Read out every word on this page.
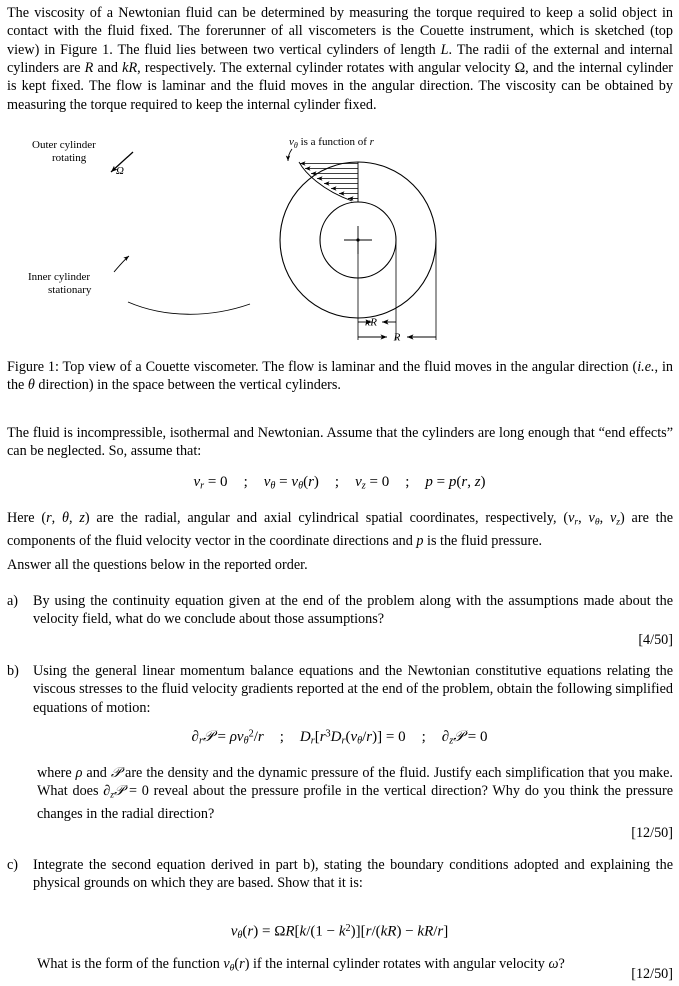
The viscosity of a Newtonian fluid can be determined by measuring the torque required to keep a solid object in contact with the fluid fixed. The forerunner of all viscometers is the Couette instrument, which is sketched (top view) in Figure 1. The fluid lies between two vertical cylinders of length L. The radii of the external and internal cylinders are R and kR, respectively. The external cylinder rotates with angular velocity Ω, and the internal cylinder is kept fixed. The flow is laminar and the fluid moves in the angular direction. The viscosity can be obtained by measuring the torque required to keep the internal cylinder fixed.
Outer cylinder
rotating
Ω
$v_\theta$ is a function of r
Inner cylinder
stationary
κR
R
Figure 1: Top view of a Couette viscometer. The flow is laminar and the fluid moves in the angular direction (i.e., in the θ direction) in the space between the vertical cylinders.
The fluid is incompressible, isothermal and Newtonian. Assume that the cylinders are long enough that “end effects” can be neglected. So, assume that:
$v_r = 0$ ; $v_\theta = v_\theta(r)$ ; $v_z = 0$ ; p = p(r, z)
Here (r, θ, z) are the radial, angular and axial cylindrical spatial coordinates, respectively, ($v_r$, $v_\theta$, $v_z$) are the components of the fluid velocity vector in the coordinate directions and p is the fluid pressure.
Answer all the questions below in the reported order.
a)	By using the continuity equation given at the end of the problem along with the assumptions made about the velocity field, what do we conclude about those assumptions?
[4/50]
b) Using the general linear momentum balance equations and the Newtonian constitutive equations relating the viscous stresses to the fluid velocity gradients reported at the end of the problem, obtain the following simplified equations of motion:
$\partial_r𝒫 = \rho v_\theta^2/r$ ; $D_r[r^3D_r(v_\theta/r)] = 0$ ; $\partial_z𝒫 = 0$
where ρ and 𝒫 are the density and the dynamic pressure of the fluid. Justify each simplification that you make. What does $\partial_z𝒫 = 0$ reveal about the pressure profile in the vertical direction? Why do you think the pressure changes in the radial direction?
[12/50]
c)	Integrate the second equation derived in part b), stating the boundary conditions adopted and explaining the physical grounds on which they are based. Show that it is:
$v_\theta(r) = \Omega R[k/(1 - k^2)][r/(kR) - kR/r]$
What is the form of the function $v_\theta(r)$ if the internal cylinder rotates with angular velocity ω?
[12/50]
